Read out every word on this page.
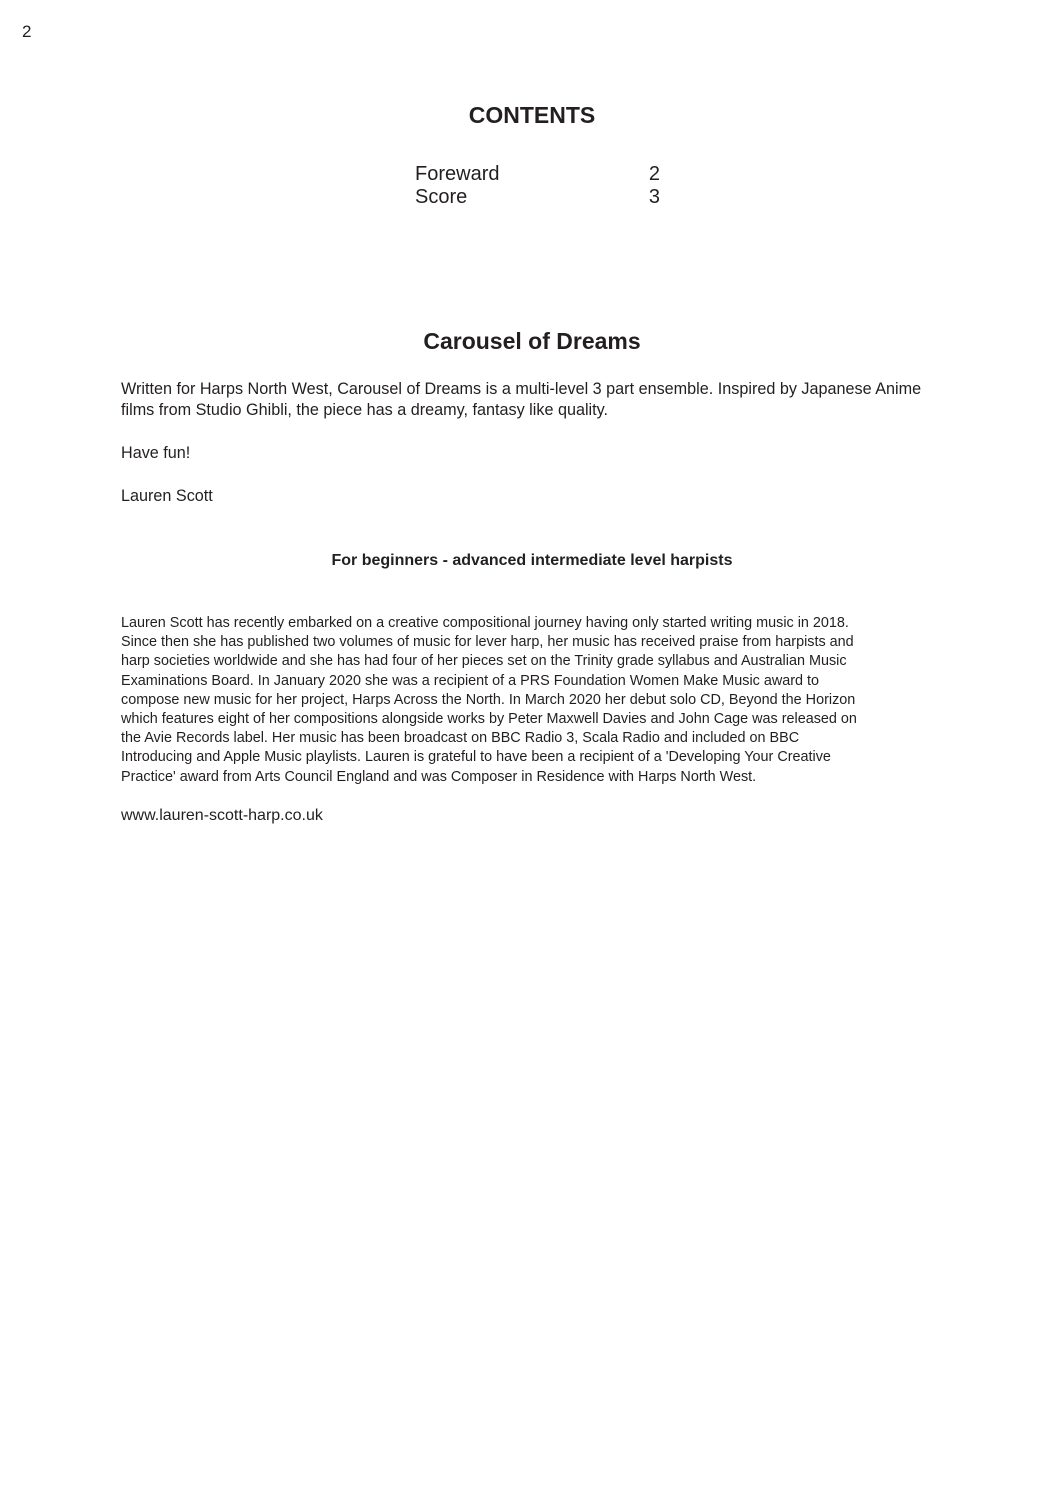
2
CONTENTS
Foreward	2
Score	3
Carousel of Dreams

Written for Harps North West, Carousel of Dreams is a multi-level 3 part ensemble. Inspired by Japanese Anime films from Studio Ghibli, the piece has a dreamy, fantasy like quality.

Have fun!

Lauren Scott

For beginners - advanced intermediate level harpists

Lauren Scott has recently embarked on a creative compositional journey having only started writing music in 2018.
Since then she has published two volumes of music for lever harp, her music has received praise from harpists and
harp societies worldwide and she has had four of her pieces set on the Trinity grade syllabus and Australian Music
Examinations Board. In January 2020 she was a recipient of a PRS Foundation Women Make Music award to
compose new music for her project, Harps Across the North. In March 2020 her debut solo CD, Beyond the Horizon
which features eight of her compositions alongside works by Peter Maxwell Davies and John Cage was released on
the Avie Records label. Her music has been broadcast on BBC Radio 3, Scala Radio and included on BBC
Introducing and Apple Music playlists. Lauren is grateful to have been a recipient of a 'Developing Your Creative
Practice' award from Arts Council England and was Composer in Residence with Harps North West.

www.lauren-scott-harp.co.uk
